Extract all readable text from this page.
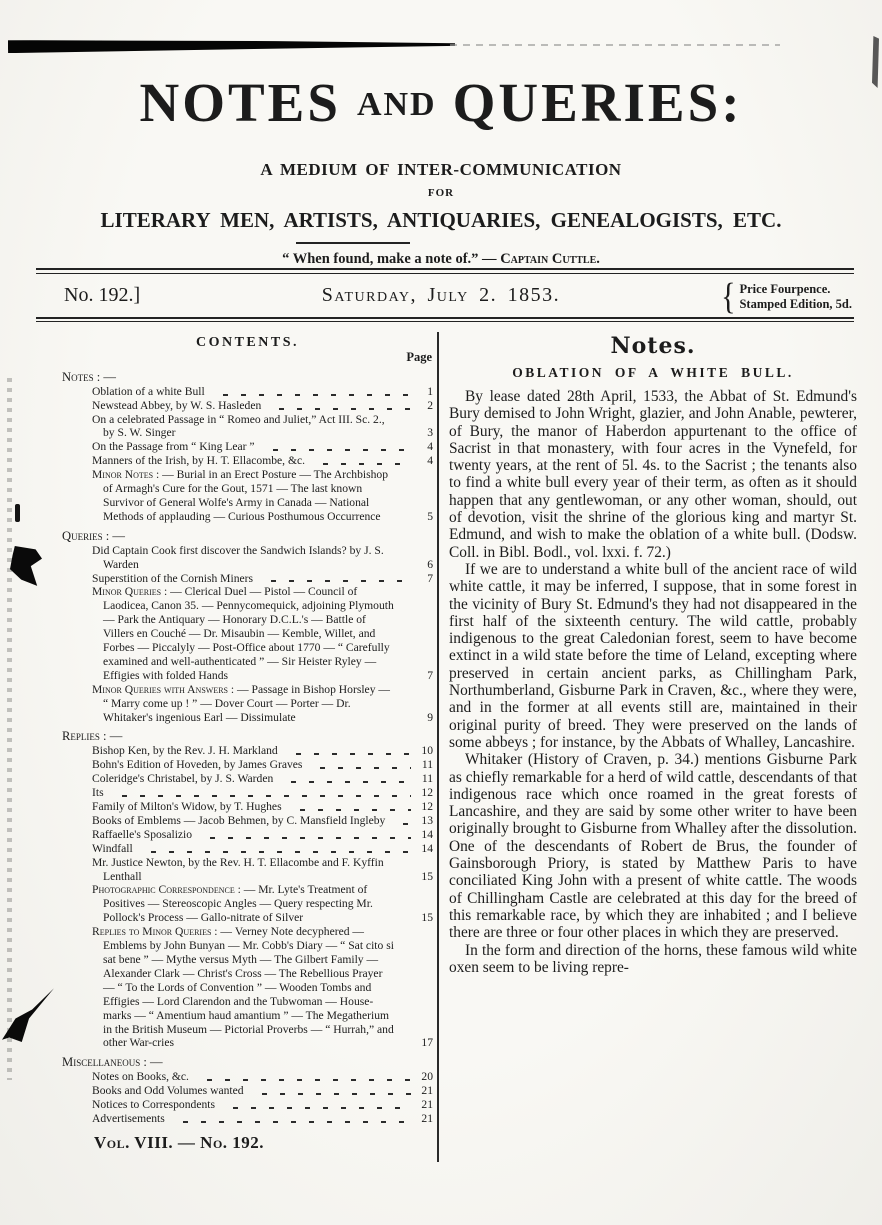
NOTES AND QUERIES:
A MEDIUM OF INTER-COMMUNICATION
FOR
LITERARY MEN, ARTISTS, ANTIQUARIES, GENEALOGISTS, ETC.
“ When found, make a note of.” — Captain Cuttle.
No. 192.]	Saturday, July 2. 1853.	{ Price Fourpence.
Stamped Edition, 5d.
CONTENTS.
Page
Notes : —
Oblation of a white Bull	1
Newstead Abbey, by W. S. Hasleden	2
On a celebrated Passage in “ Romeo and Juliet,” Act III. Sc. 2., by S. W. Singer	3
On the Passage from “ King Lear ”	4
Manners of the Irish, by H. T. Ellacombe, &c.	4
Minor Notes : — Burial in an Erect Posture — The Archbishop of Armagh's Cure for the Gout, 1571 — The last known Survivor of General Wolfe's Army in Canada — National Methods of applauding — Curious Posthumous Occurrence	5
Queries : —
Did Captain Cook first discover the Sandwich Islands? by J. S. Warden	6
Superstition of the Cornish Miners	7
Minor Queries : — Clerical Duel — Pistol — Council of Laodicea, Canon 35. — Pennycomequick, adjoining Plymouth — Park the Antiquary — Honorary D.C.L.'s — Battle of Villers en Couché — Dr. Misaubin — Kemble, Willet, and Forbes — Piccalyly — Post-Office about 1770 — “ Carefully examined and well-authenticated ” — Sir Heister Ryley — Effigies with folded Hands	7
Minor Queries with Answers : — Passage in Bishop Horsley — “ Marry come up ! ” — Dover Court — Porter — Dr. Whitaker's ingenious Earl — Dissimulate	9
Replies : —
Bishop Ken, by the Rev. J. H. Markland	10
Bohn's Edition of Hoveden, by James Graves	11
Coleridge's Christabel, by J. S. Warden	11
Its	12
Family of Milton's Widow, by T. Hughes	12
Books of Emblems — Jacob Behmen, by C. Mansfield Ingleby	13
Raffaelle's Sposalizio	14
Windfall	14
Mr. Justice Newton, by the Rev. H. T. Ellacombe and F. Kyffin Lenthall	15
Photographic Correspondence : — Mr. Lyte's Treatment of Positives — Stereoscopic Angles — Query respecting Mr. Pollock's Process — Gallo-nitrate of Silver	15
Replies to Minor Queries : — Verney Note decyphered — Emblems by John Bunyan — Mr. Cobb's Diary — “ Sat cito si sat bene ” — Mythe versus Myth — The Gilbert Family — Alexander Clark — Christ's Cross — The Rebellious Prayer — “ To the Lords of Convention ” — Wooden Tombs and Effigies — Lord Clarendon and the Tubwoman — House-marks — “ Amentium haud amantium ” — The Megatherium in the British Museum — Pictorial Proverbs — “ Hurrah,” and other War-cries	17
Miscellaneous : —
Notes on Books, &c.	20
Books and Odd Volumes wanted	21
Notices to Correspondents	21
Advertisements	21
Notes.
OBLATION OF A WHITE BULL.

By lease dated 28th April, 1533, the Abbat of St. Edmund's Bury demised to John Wright, glazier, and John Anable, pewterer, of Bury, the manor of Haberdon appurtenant to the office of Sacrist in that monastery, with four acres in the Vynefeld, for twenty years, at the rent of 5l. 4s. to the Sacrist ; the tenants also to find a white bull every year of their term, as often as it should happen that any gentlewoman, or any other woman, should, out of devotion, visit the shrine of the glorious king and martyr St. Edmund, and wish to make the oblation of a white bull. (Dodsw. Coll. in Bibl. Bodl., vol. lxxi. f. 72.)

If we are to understand a white bull of the ancient race of wild white cattle, it may be inferred, I suppose, that in some forest in the vicinity of Bury St. Edmund's they had not disappeared in the first half of the sixteenth century. The wild cattle, probably indigenous to the great Caledonian forest, seem to have become extinct in a wild state before the time of Leland, excepting where preserved in certain ancient parks, as Chillingham Park, Northumberland, Gisburne Park in Craven, &c., where they were, and in the former at all events still are, maintained in their original purity of breed. They were preserved on the lands of some abbeys ; for instance, by the Abbats of Whalley, Lancashire.

Whitaker (History of Craven, p. 34.) mentions Gisburne Park as chiefly remarkable for a herd of wild cattle, descendants of that indigenous race which once roamed in the great forests of Lancashire, and they are said by some other writer to have been originally brought to Gisburne from Whalley after the dissolution. One of the descendants of Robert de Brus, the founder of Gainsborough Priory, is stated by Matthew Paris to have conciliated King John with a present of white cattle. The woods of Chillingham Castle are celebrated at this day for the breed of this remarkable race, by which they are inhabited ; and I believe there are three or four other places in which they are preserved.

In the form and direction of the horns, these famous wild white oxen seem to be living repre-

Vol. VIII. — No. 192.
